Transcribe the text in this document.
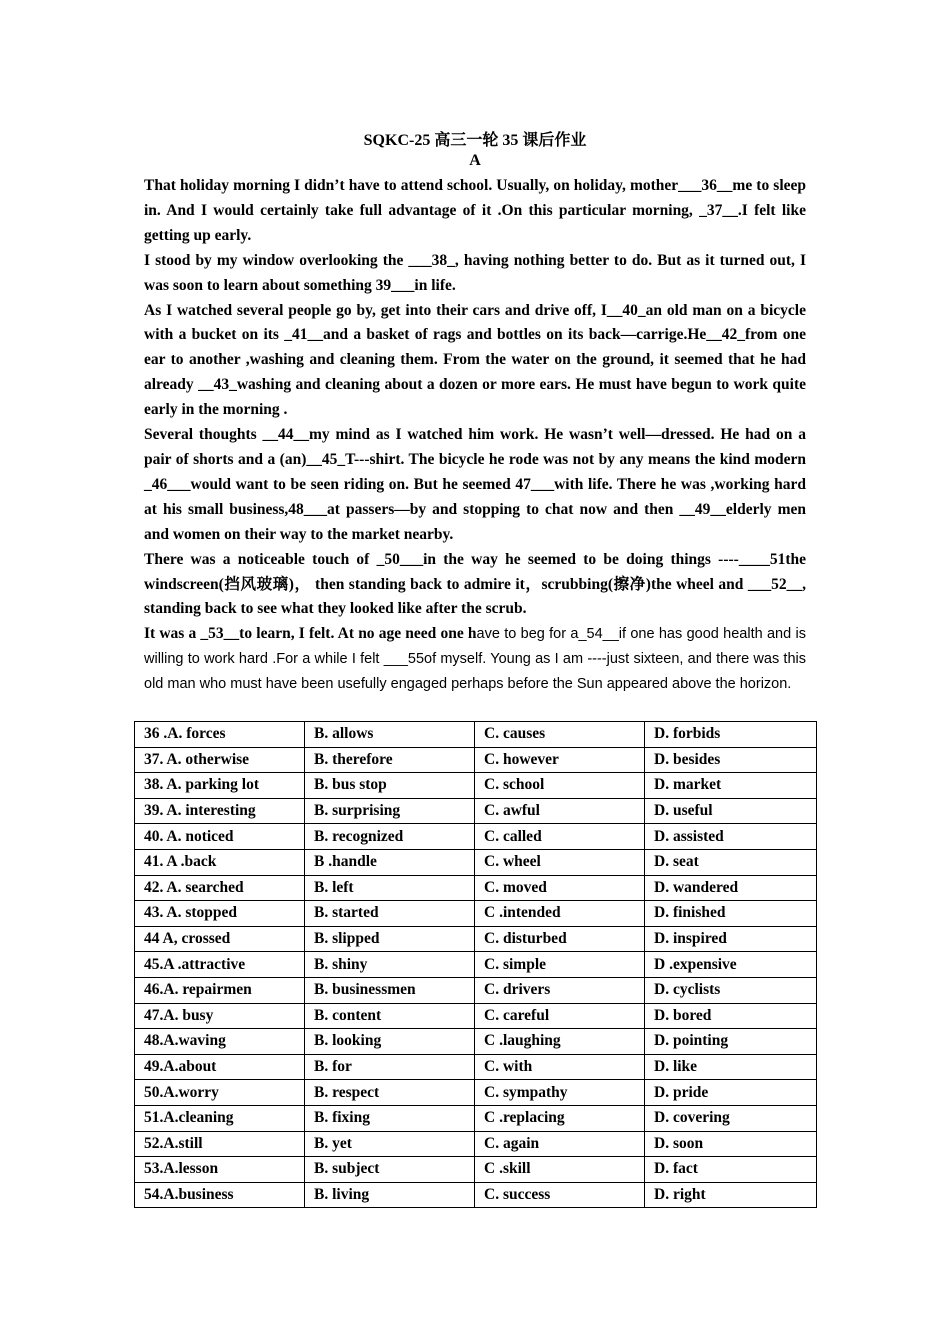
SQKC-25 高三一轮 35 课后作业
A

That holiday morning I didn’t have to attend school. Usually, on holiday, mother___36__me to sleep in. And I would certainly take full advantage of it .On this particular morning, _37__.I felt like getting up early.

I stood by my window overlooking the ___38_, having nothing better to do. But as it turned out, I was soon to learn about something 39___in life.

As I watched several people go by, get into their cars and drive off, I__40_an old man on a bicycle with a bucket on its _41__and a basket of rags and bottles on its back—carrige.He__42_from one ear to another ,washing and cleaning them. From the water on the ground, it seemed that he had already __43_washing and cleaning about a dozen or more ears. He must have begun to work quite early in the morning .

Several thoughts __44__my mind as I watched him work. He wasn’t well—dressed. He had on a pair of shorts and a (an)__45_T---shirt. The bicycle he rode was not by any means the kind modern _46___would want to be seen riding on. But he seemed 47___with life. There he was ,working hard at his small business,48___at passers—by and stopping to chat now and then __49__elderly men and women on their way to the market nearby.

There was a noticeable touch of _50___in the way he seemed to be doing things ----____51the windscreen(挡风玻璃)， then standing back to admire it，scrubbing(擦净)the wheel and ___52__, standing back to see what they looked like after the scrub.

It was a _53__to learn, I felt. At no age need one have to beg for a_54__if one has good health and is willing to work hard .For a while I felt ___55of myself. Young as I am ----just sixteen, and there was this old man who must have been usefully engaged perhaps before the Sun appeared above the horizon.

36 .A. forces	B. allows	C. causes	D. forbids
37. A. otherwise	B. therefore	C. however	D. besides
38. A. parking lot	B. bus stop	C. school	D. market
39. A. interesting	B. surprising	C. awful	D. useful
40. A. noticed	B. recognized	C. called	D. assisted
41. A .back	B .handle	C. wheel	D. seat
42. A. searched	B. left	C. moved	D. wandered
43. A. stopped	B. started	C .intended	D. finished
44 A, crossed	B. slipped	C. disturbed	D. inspired
45.A .attractive	B. shiny	C. simple	D .expensive
46.A. repairmen	B. businessmen	C. drivers	D. cyclists
47.A. busy	B. content	C. careful	D. bored
48.A.waving	B. looking	C .laughing	D. pointing
49.A.about	B. for	C. with	D. like
50.A.worry	B. respect	C. sympathy	D. pride
51.A.cleaning	B. fixing	C .replacing	D. covering
52.A.still	B. yet	C. again	D. soon
53.A.lesson	B. subject	C .skill	D. fact
54.A.business	B. living	C. success	D. right
